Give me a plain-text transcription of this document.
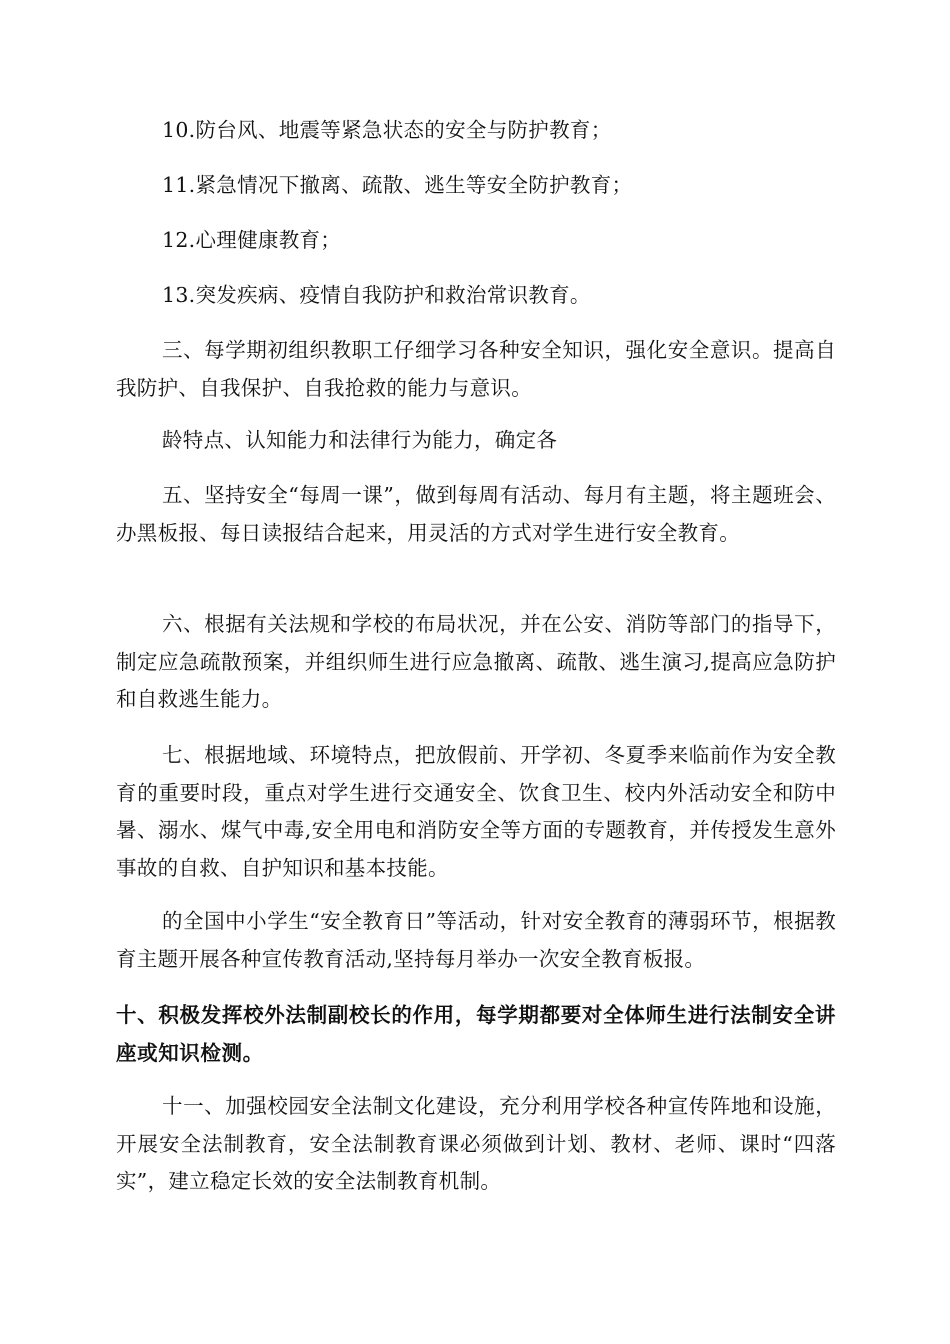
10.防台风、地震等紧急状态的安全与防护教育；

11.紧急情况下撤离、疏散、逃生等安全防护教育；

12.心理健康教育；

13.突发疾病、疫情自我防护和救治常识教育。

三、每学期初组织教职工仔细学习各种安全知识，强化安全意识。提高自我防护、自我保护、自我抢救的能力与意识。

龄特点、认知能力和法律行为能力，确定各

五、坚持安全“每周一课”，做到每周有活动、每月有主题，将主题班会、办黑板报、每日读报结合起来，用灵活的方式对学生进行安全教育。

六、根据有关法规和学校的布局状况，并在公安、消防等部门的指导下，制定应急疏散预案，并组织师生进行应急撤离、疏散、逃生演习,提高应急防护和自救逃生能力。

七、根据地域、环境特点，把放假前、开学初、冬夏季来临前作为安全教育的重要时段，重点对学生进行交通安全、饮食卫生、校内外活动安全和防中暑、溺水、煤气中毒,安全用电和消防安全等方面的专题教育，并传授发生意外事故的自救、自护知识和基本技能。

的全国中小学生“安全教育日”等活动，针对安全教育的薄弱环节，根据教育主题开展各种宣传教育活动,坚持每月举办一次安全教育板报。

十、积极发挥校外法制副校长的作用，每学期都要对全体师生进行法制安全讲座或知识检测。

十一、加强校园安全法制文化建设，充分利用学校各种宣传阵地和设施，开展安全法制教育，安全法制教育课必须做到计划、教材、老师、课时“四落实”，建立稳定长效的安全法制教育机制。
